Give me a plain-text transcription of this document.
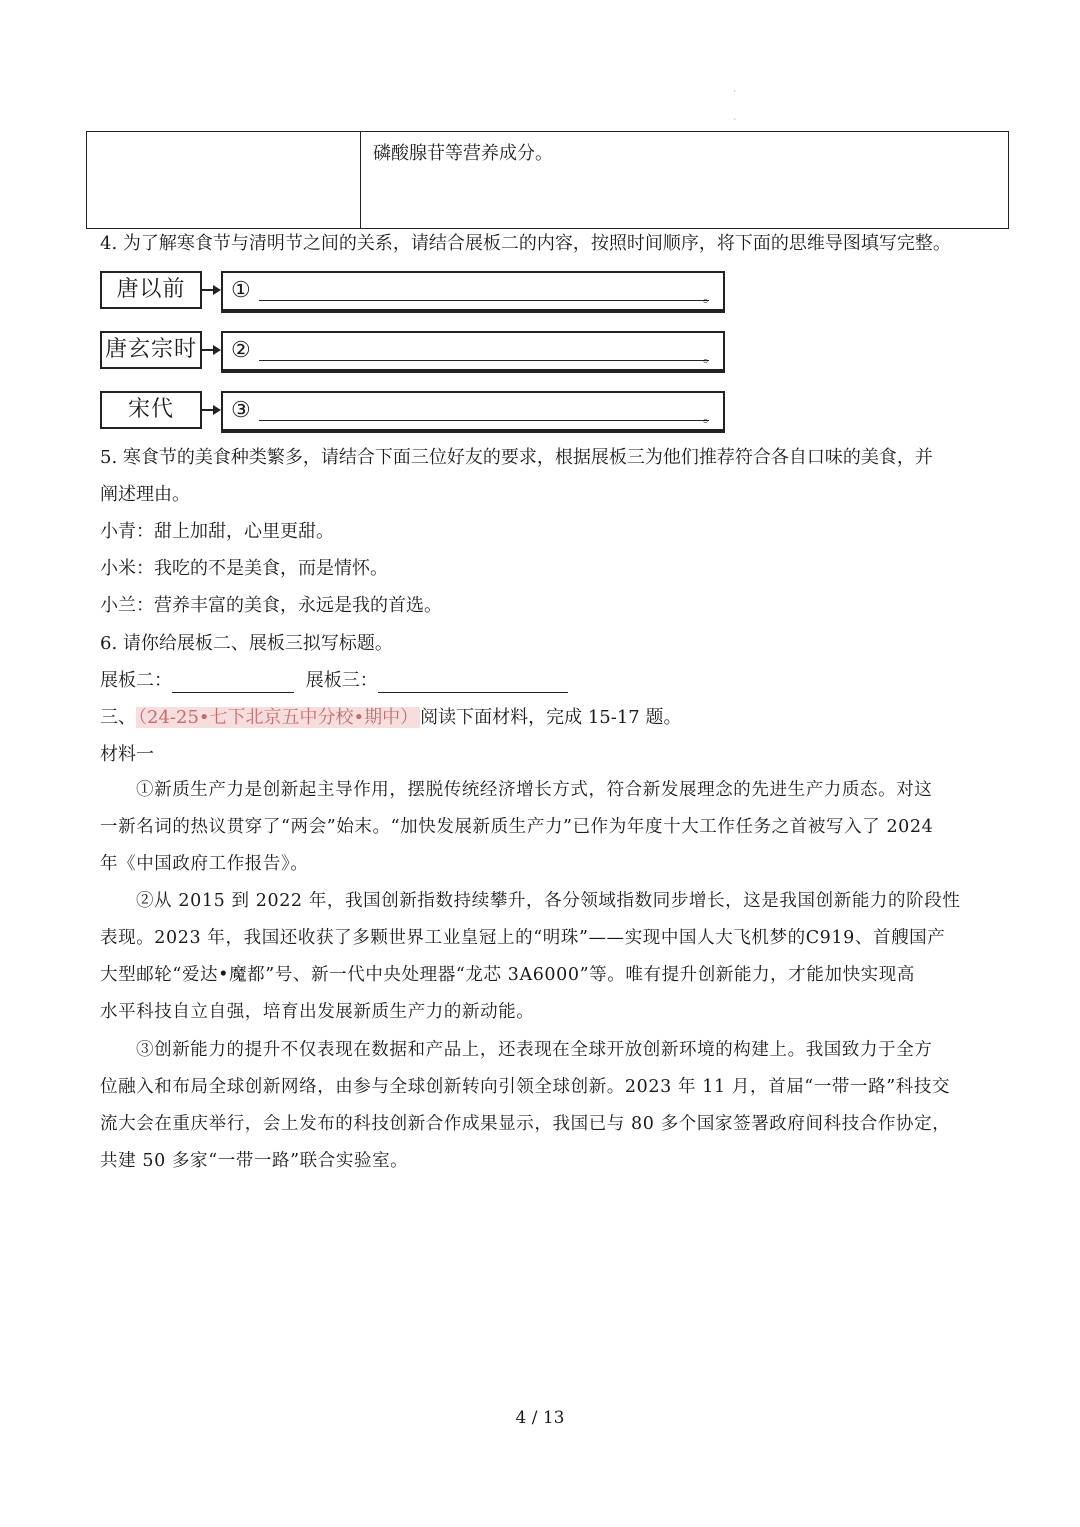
'
,
磷酸腺苷等营养成分。
4. 为了解寒食节与清明节之间的关系，请结合展板二的内容，按照时间顺序，将下面的思维导图填写完整。
唐以前	①	。
唐玄宗时 ②	。
宋代	③	。
5. 寒食节的美食种类繁多，请结合下面三位好友的要求，根据展板三为他们推荐符合各自口味的美食，并
阐述理由。
小青：甜上加甜，心里更甜。
小米：我吃的不是美食，而是情怀。
小兰：营养丰富的美食，永远是我的首选。
6. 请你给展板二、展板三拟写标题。
展板二：	展板三：
三、 （24-25•七下北京五中分校•期中） 阅读下面材料，完成 15-17 题。
材料一
①新质生产力是创新起主导作用，摆脱传统经济增长方式，符合新发展理念的先进生产力质态。对这
一新名词的热议贯穿了“两会”始末。“加快发展新质生产力”已作为年度十大工作任务之首被写入了 2024
年《中国政府工作报告》。
②从 2015 到 2022 年，我国创新指数持续攀升，各分领域指数同步增长，这是我国创新能力的阶段性
表现。2023 年，我国还收获了多颗世界工业皇冠上的“明珠”——实现中国人大飞机梦的C919、首艘国产
大型邮轮“爱达•魔都”号、新一代中央处理器“龙芯 3A6000”等。唯有提升创新能力，才能加快实现高
水平科技自立自强，培育出发展新质生产力的新动能。
③创新能力的提升不仅表现在数据和产品上，还表现在全球开放创新环境的构建上。我国致力于全方
位融入和布局全球创新网络，由参与全球创新转向引领全球创新。2023 年 11 月，首届“一带一路”科技交
流大会在重庆举行，会上发布的科技创新合作成果显示，我国已与 80 多个国家签署政府间科技合作协定，
共建 50 多家“一带一路”联合实验室。
4 / 13
